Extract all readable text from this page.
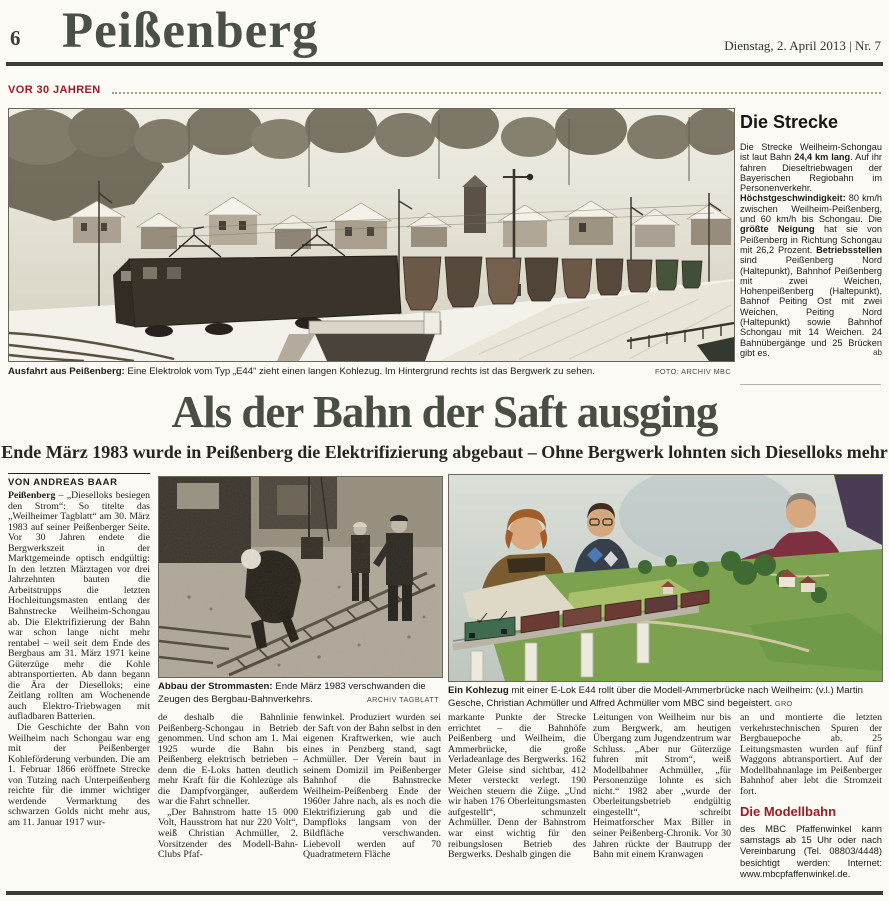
6 Peißenberg	Dienstag, 2. April 2013 | Nr. 7
VOR 30 JAHREN
Ausfahrt aus Peißenberg: Eine Elektrolok vom Typ „E44“ zieht einen langen Kohlezug. Im Hintergrund rechts ist das Bergwerk zu sehen.	FOTO: ARCHIV MBC
Die Strecke
Die Strecke Weilheim-Schongau ist laut Bahn 24,4 km lang. Auf ihr fahren Dieseltriebwagen der Bayerischen Regiobahn im Personenverkehr. Höchstgeschwindigkeit: 80 km/h zwischen Weilheim-Peißenberg, und 60 km/h bis Schongau. Die größte Neigung hat sie von Peißenberg in Richtung Schongau mit 26,2 Prozent. Betriebsstellen sind Peißenberg Nord (Haltepunkt), Bahnhof Peißenberg mit zwei Weichen, Hohenpeißenberg (Haltepunkt), Bahnof Peiting Ost mit zwei Weichen, Peiting Nord (Haltepunkt) sowie Bahnhof Schongau mit 14 Weichen. 24 Bahnübergänge und 25 Brücken gibt es.	ab
Als der Bahn der Saft ausging
Ende März 1983 wurde in Peißenberg die Elektrifizierung abgebaut – Ohne Bergwerk lohnten sich Dieselloks mehr
VON ANDREAS BAAR

Peißenberg – „Dieselloks besiegen den Strom“: So titelte das „Weilheimer Tagblatt“ am 30. März 1983 auf seiner Peißenberger Seite. Vor 30 Jahren endete die Bergwerkszeit in der Marktgemeinde optisch endgültig: In den letzten Märztagen vor drei Jahrzehnten bauten die Arbeitstrupps die letzten Hochleitungsmasten entlang der Bahnstrecke Weilheim-Schongau ab. Die Elektrifizierung der Bahn war schon lange nicht mehr rentabel – weil seit dem Ende des Bergbaus am 31. März 1971 keine Güterzüge mehr die Kohle abtransportierten. Ab dann begann die Ära der Dieselloks; eine Zeitlang rollten am Wochenende auch Elektro-Triebwagen mit aufladbaren Batterien.

Die Geschichte der Bahn von Weilheim nach Schongau war eng mit der Peißenberger Kohleförderung verbunden. Die am 1. Februar 1866 eröffnete Strecke von Tutzing nach Unterpeißenberg reichte für die immer wichtiger werdende Vermarktung des schwarzen Golds nicht mehr aus, am 11. Januar 1917 wur-

Abbau der Strommasten: Ende März 1983 verschwanden die Zeugen des Bergbau-Bahnverkehrs.	ARCHIV TAGBLATT

de deshalb die Bahnlinie Peißenberg-Schongau in Betrieb genommen. Und schon am 1. Mai 1925 wurde die Bahn bis Peißenberg elektrisch betrieben – denn die E-Loks hatten deutlich mehr Kraft für die Kohlezüge als die Dampfvorgänger, außerdem war die Fahrt schneller.

„Der Bahnstrom hatte 15 000 Volt, Hausstrom hat nur 220 Volt“, weiß Christian Achmüller, 2. Vorsitzender des Modell-Bahn-Clubs Pfaf-

fenwinkel. Produziert wurden sei der Saft von der Bahn selbst in den eigenen Kraftwerken, wie auch eines in Penzberg stand, sagt Achmüller. Der Verein baut in seinem Domizil im Peißenberger Bahnhof die Bahnstrecke Weilheim-Peißenberg Ende der 1960er Jahre nach, als es noch die Elektrifizierung gab und die Dampfloks langsam von der Bildfläche verschwanden. Liebevoll werden auf 70 Quadratmetern Fläche

Ein Kohlezug mit einer E-Lok E44 rollt über die Modell-Ammerbrücke nach Weilheim: (v.l.) Martin Gesche, Christian Achmüller und Alfred Achmüller vom MBC sind begeistert. GRO

markante Punkte der Strecke errichtet – die Bahnhöfe Peißenberg und Weilheim, die Ammerbrücke, die große Verladeanlage des Bergwerks. 162 Meter Gleise sind sichtbar, 412 Meter versteckt verlegt. 190 Weichen steuern die Züge. „Und wir haben 176 Oberleitungsmasten aufgestellt“, schmunzelt Achmüller. Denn der Bahnstrom war einst wichtig für den reibungslosen Betrieb des Bergwerks. Deshalb gingen die

Leitungen von Weilheim nur bis zum Bergwerk, am heutigen Übergang zum Jugendzentrum war Schluss. „Aber nur Güterzüge fuhren mit Strom“, weiß Modellbahner Achmüller, „für Personenzüge lohnte es sich nicht.“ 1982 aber „wurde der Oberleitungsbetrieb endgültig eingestellt“, schreibt Heimatforscher Max Biller in seiner Peißenberg-Chronik. Vor 30 Jahren rückte der Bautrupp der Bahn mit einem Kranwagen

an und montierte die letzten verkehrstechnischen Spuren der Bergbauepoche ab. 25 Leitungsmasten wurden auf fünf Waggons abtransportiert. Auf der Modellbahnanlage im Peißenberger Bahnhof aber lebt die Stromzeit fort.

Die Modellbahn
des MBC Pfaffenwinkel kann samstags ab 15 Uhr oder nach Vereinbarung (Tel. 08803/4448) besichtigt werden: Internet: www.mbcpfaffenwinkel.de.
